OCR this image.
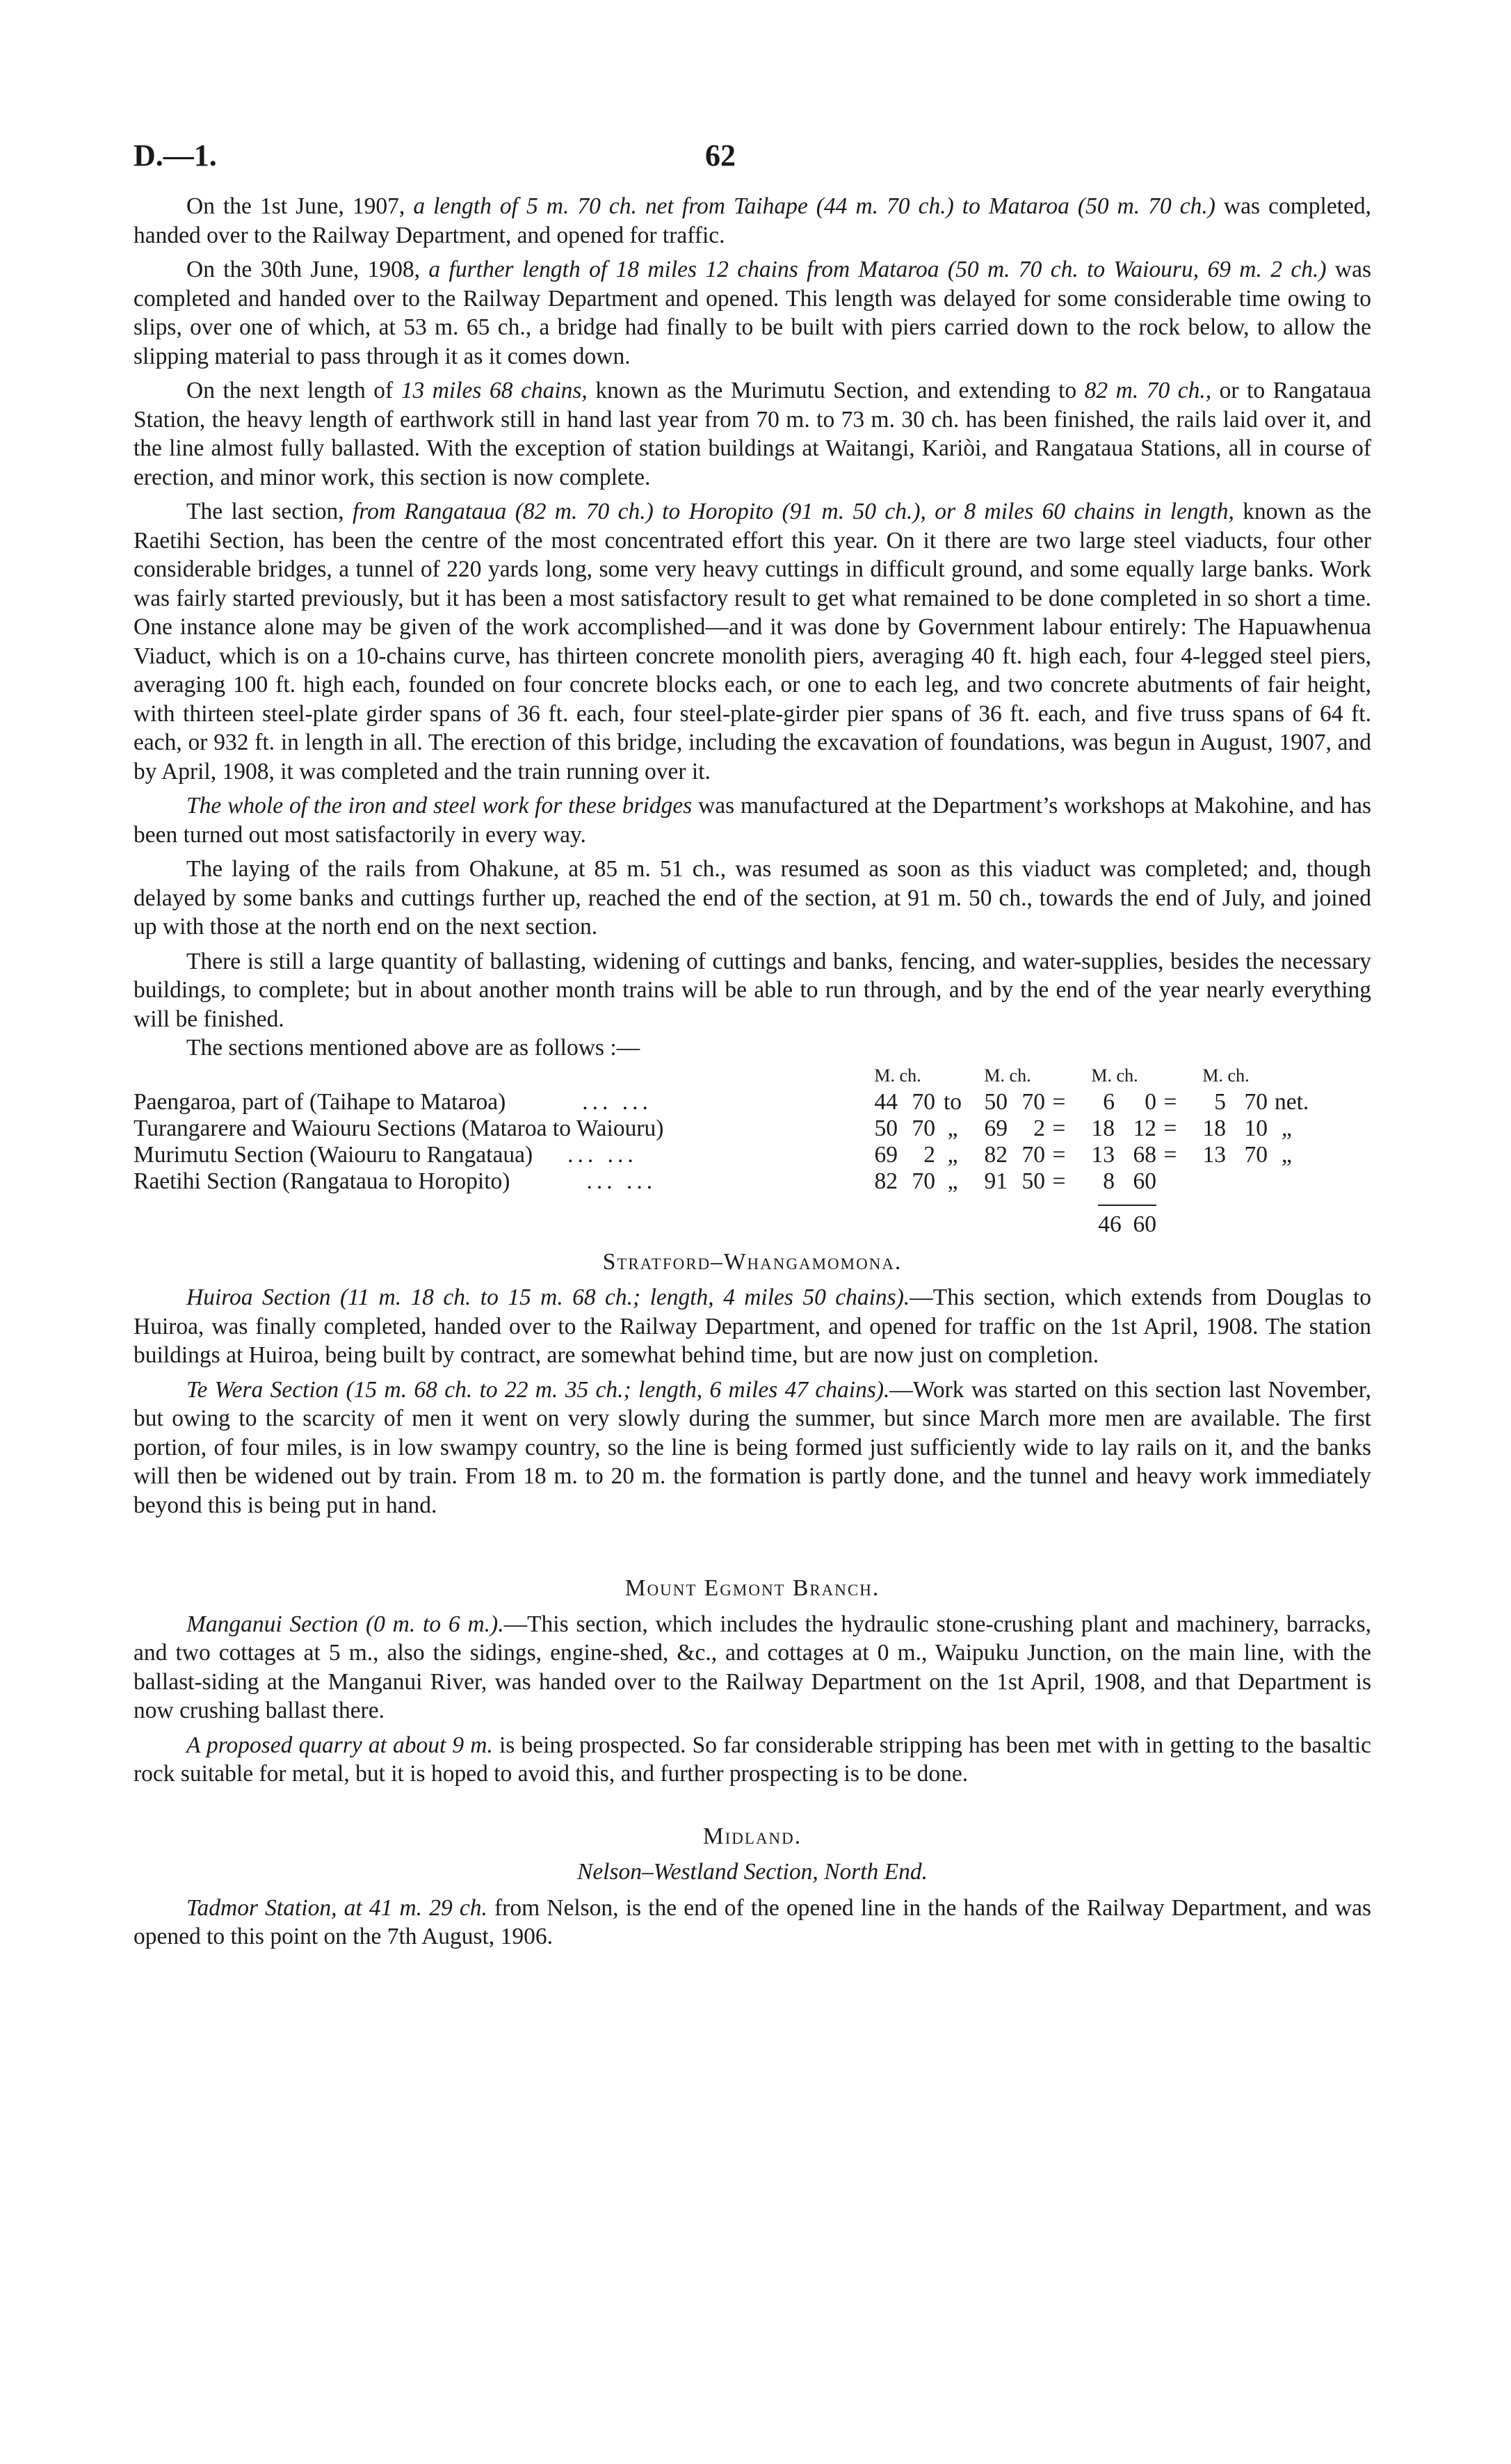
D.—1.	62

On the 1st June, 1907, a length of 5 m. 70 ch. net from Taihape (44 m. 70 ch.) to Mataroa (50 m. 70 ch.) was completed, handed over to the Railway Department, and opened for traffic.

On the 30th June, 1908, a further length of 18 miles 12 chains from Mataroa (50 m. 70 ch. to Waiouru, 69 m. 2 ch.) was completed and handed over to the Railway Department and opened. This length was delayed for some considerable time owing to slips, over one of which, at 53 m. 65 ch., a bridge had finally to be built with piers carried down to the rock below, to allow the slipping material to pass through it as it comes down.

On the next length of 13 miles 68 chains, known as the Murimutu Section, and extending to 82 m. 70 ch., or to Rangataua Station, the heavy length of earthwork still in hand last year from 70 m. to 73 m. 30 ch. has been finished, the rails laid over it, and the line almost fully ballasted. With the exception of station buildings at Waitangi, Kariòi, and Rangataua Stations, all in course of erection, and minor work, this section is now complete.

The last section, from Rangataua (82 m. 70 ch.) to Horopito (91 m. 50 ch.), or 8 miles 60 chains in length, known as the Raetihi Section, has been the centre of the most concentrated effort this year. On it there are two large steel viaducts, four other considerable bridges, a tunnel of 220 yards long, some very heavy cuttings in difficult ground, and some equally large banks. Work was fairly started previously, but it has been a most satisfactory result to get what remained to be done completed in so short a time. One instance alone may be given of the work accomplished—and it was done by Government labour entirely: The Hapuawhenua Viaduct, which is on a 10-chains curve, has thirteen concrete monolith piers, averaging 40 ft. high each, four 4-legged steel piers, averaging 100 ft. high each, founded on four concrete blocks each, or one to each leg, and two concrete abutments of fair height, with thirteen steel-plate girder spans of 36 ft. each, four steel-plate-girder pier spans of 36 ft. each, and five truss spans of 64 ft. each, or 932 ft. in length in all. The erection of this bridge, including the excavation of foundations, was begun in August, 1907, and by April, 1908, it was completed and the train running over it.

The whole of the iron and steel work for these bridges was manufactured at the Department’s workshops at Makohine, and has been turned out most satisfactorily in every way.

The laying of the rails from Ohakune, at 85 m. 51 ch., was resumed as soon as this viaduct was completed; and, though delayed by some banks and cuttings further up, reached the end of the section, at 91 m. 50 ch., towards the end of July, and joined up with those at the north end on the next section.

There is still a large quantity of ballasting, widening of cuttings and banks, fencing, and water-supplies, besides the necessary buildings, to complete; but in about another month trains will be able to run through, and by the end of the year nearly everything will be finished.

The sections mentioned above are as follows :—

	M. ch.			M. ch.			M. ch.			M. ch.		
Paengaroa, part of (Taihape to Mataroa) ... ...	44	70	to	50	70	=	6	0	=	5	70	net.
Turangarere and Waiouru Sections (Mataroa to Waiouru)	50	70	„	69	2	=	18	12	=	18	10	„
Murimutu Section (Waiouru to Rangataua) ... ...	69	2	„	82	70	=	13	68	=	13	70	„
Raetihi Section (Rangataua to Horopito) ... ...	82	70	„	91	50	=	8	60				
							46 60					
Stratford–Whangamomona.

Huiroa Section (11 m. 18 ch. to 15 m. 68 ch.; length, 4 miles 50 chains).—This section, which extends from Douglas to Huiroa, was finally completed, handed over to the Railway Department, and opened for traffic on the 1st April, 1908. The station buildings at Huiroa, being built by contract, are somewhat behind time, but are now just on completion.

Te Wera Section (15 m. 68 ch. to 22 m. 35 ch.; length, 6 miles 47 chains).—Work was started on this section last November, but owing to the scarcity of men it went on very slowly during the summer, but since March more men are available. The first portion, of four miles, is in low swampy country, so the line is being formed just sufficiently wide to lay rails on it, and the banks will then be widened out by train. From 18 m. to 20 m. the formation is partly done, and the tunnel and heavy work immediately beyond this is being put in hand.

Mount Egmont Branch.

Manganui Section (0 m. to 6 m.).—This section, which includes the hydraulic stone-crushing plant and machinery, barracks, and two cottages at 5 m., also the sidings, engine-shed, &c., and cottages at 0 m., Waipuku Junction, on the main line, with the ballast-siding at the Manganui River, was handed over to the Railway Department on the 1st April, 1908, and that Department is now crushing ballast there.

A proposed quarry at about 9 m. is being prospected. So far considerable stripping has been met with in getting to the basaltic rock suitable for metal, but it is hoped to avoid this, and further prospecting is to be done.

Midland.
Nelson–Westland Section, North End.

Tadmor Station, at 41 m. 29 ch. from Nelson, is the end of the opened line in the hands of the Railway Department, and was opened to this point on the 7th August, 1906.
